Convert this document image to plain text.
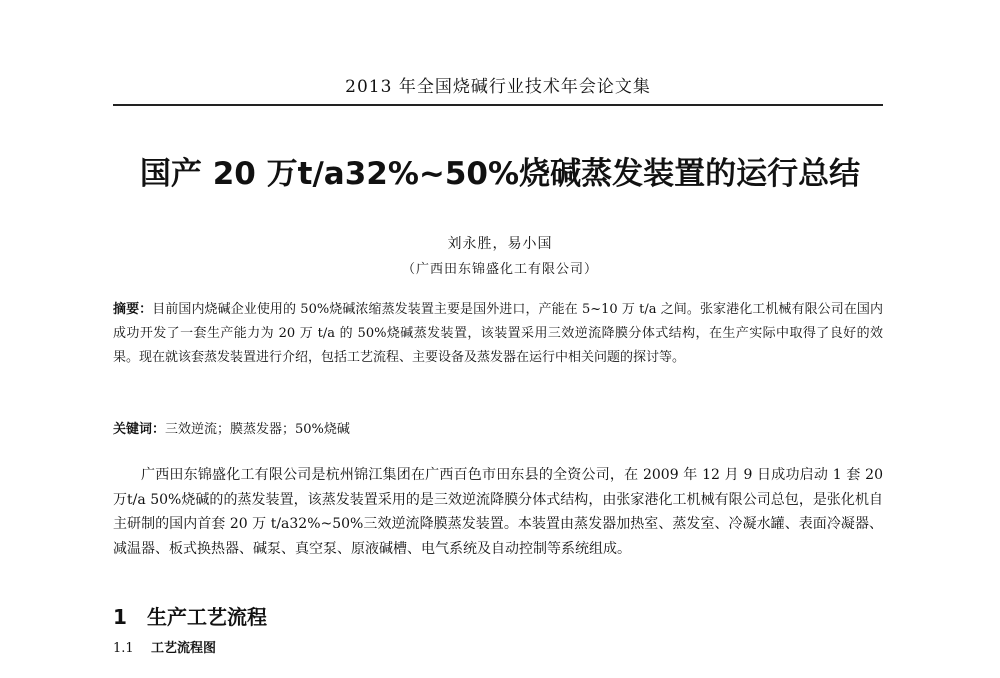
2013 年全国烧碱行业技术年会论文集
国产 20 万t/a32%~50%烧碱蒸发装置的运行总结
刘永胜，易小国
（广西田东锦盛化工有限公司）
摘要：目前国内烧碱企业使用的 50%烧碱浓缩蒸发装置主要是国外进口，产能在 5~10 万 t/a 之间。张家港化工机械有限公司在国内成功开发了一套生产能力为 20 万 t/a 的 50%烧碱蒸发装置，该装置采用三效逆流降膜分体式结构，在生产实际中取得了良好的效果。现在就该套蒸发装置进行介绍，包括工艺流程、主要设备及蒸发器在运行中相关问题的探讨等。
关键词：三效逆流；膜蒸发器；50%烧碱
广西田东锦盛化工有限公司是杭州锦江集团在广西百色市田东县的全资公司，在 2009 年 12 月 9 日成功启动 1 套 20 万t/a 50%烧碱的的蒸发装置，该蒸发装置采用的是三效逆流降膜分体式结构，由张家港化工机械有限公司总包，是张化机自主研制的国内首套 20 万 t/a32%~50%三效逆流降膜蒸发装置。本装置由蒸发器加热室、蒸发室、冷凝水罐、表面冷凝器、减温器、板式换热器、碱泵、真空泵、原液碱槽、电气系统及自动控制等系统组成。
1 生产工艺流程
1.1 工艺流程图
